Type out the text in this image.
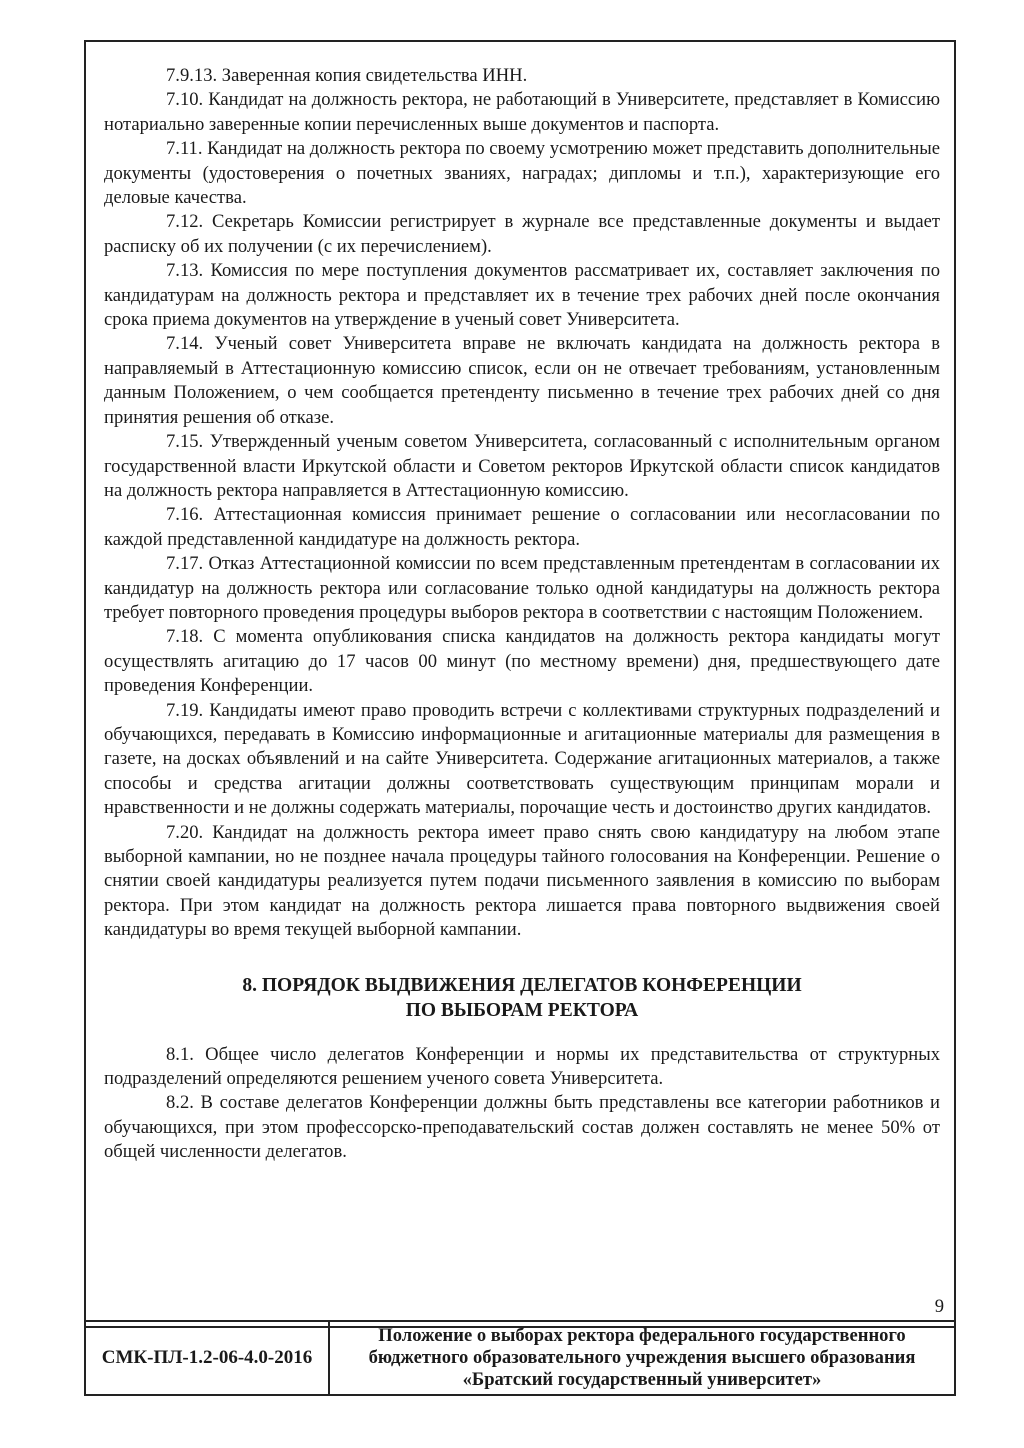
7.9.13. Заверенная копия свидетельства ИНН.

7.10. Кандидат на должность ректора, не работающий в Университете, представляет в Комиссию нотариально заверенные копии перечисленных выше документов и паспорта.

7.11. Кандидат на должность ректора по своему усмотрению может представить дополнительные документы (удостоверения о почетных званиях, наградах; дипломы и т.п.), характеризующие его деловые качества.

7.12. Секретарь Комиссии регистрирует в журнале все представленные документы и выдает расписку об их получении (с их перечислением).

7.13. Комиссия по мере поступления документов рассматривает их, составляет заключения по кандидатурам на должность ректора и представляет их в течение трех рабочих дней после окончания срока приема документов на утверждение в ученый совет Университета.

7.14. Ученый совет Университета вправе не включать кандидата на должность ректора в направляемый в Аттестационную комиссию список, если он не отвечает требованиям, установленным данным Положением, о чем сообщается претенденту письменно в течение трех рабочих дней со дня принятия решения об отказе.

7.15. Утвержденный ученым советом Университета, согласованный с исполнительным органом государственной власти Иркутской области и Советом ректоров Иркутской области список кандидатов на должность ректора направляется в Аттестационную комиссию.

7.16. Аттестационная комиссия принимает решение о согласовании или несогласовании по каждой представленной кандидатуре на должность ректора.

7.17. Отказ Аттестационной комиссии по всем представленным претендентам в согласовании их кандидатур на должность ректора или согласование только одной кандидатуры на должность ректора требует повторного проведения процедуры выборов ректора в соответствии с настоящим Положением.

7.18. С момента опубликования списка кандидатов на должность ректора кандидаты могут осуществлять агитацию до 17 часов 00 минут (по местному времени) дня, предшествующего дате проведения Конференции.

7.19. Кандидаты имеют право проводить встречи с коллективами структурных подразделений и обучающихся, передавать в Комиссию информационные и агитационные материалы для размещения в газете, на досках объявлений и на сайте Университета. Содержание агитационных материалов, а также способы и средства агитации должны соответствовать существующим принципам морали и нравственности и не должны содержать материалы, порочащие честь и достоинство других кандидатов.

7.20. Кандидат на должность ректора имеет право снять свою кандидатуру на любом этапе выборной кампании, но не позднее начала процедуры тайного голосования на Конференции. Решение о снятии своей кандидатуры реализуется путем подачи письменного заявления в комиссию по выборам ректора. При этом кандидат на должность ректора лишается права повторного выдвижения своей кандидатуры во время текущей выборной кампании.

8. ПОРЯДОК ВЫДВИЖЕНИЯ ДЕЛЕГАТОВ КОНФЕРЕНЦИИ
ПО ВЫБОРАМ РЕКТОРА

8.1. Общее число делегатов Конференции и нормы их представительства от структурных подразделений определяются решением ученого совета Университета.

8.2. В составе делегатов Конференции должны быть представлены все категории работников и обучающихся, при этом профессорско-преподавательский состав должен составлять не менее 50% от общей численности делегатов.

9
СМК-ПЛ-1.2-06-4.0-2016
Положение о выборах ректора федерального государственного
бюджетного образовательного учреждения высшего образования
«Братский государственный университет»
